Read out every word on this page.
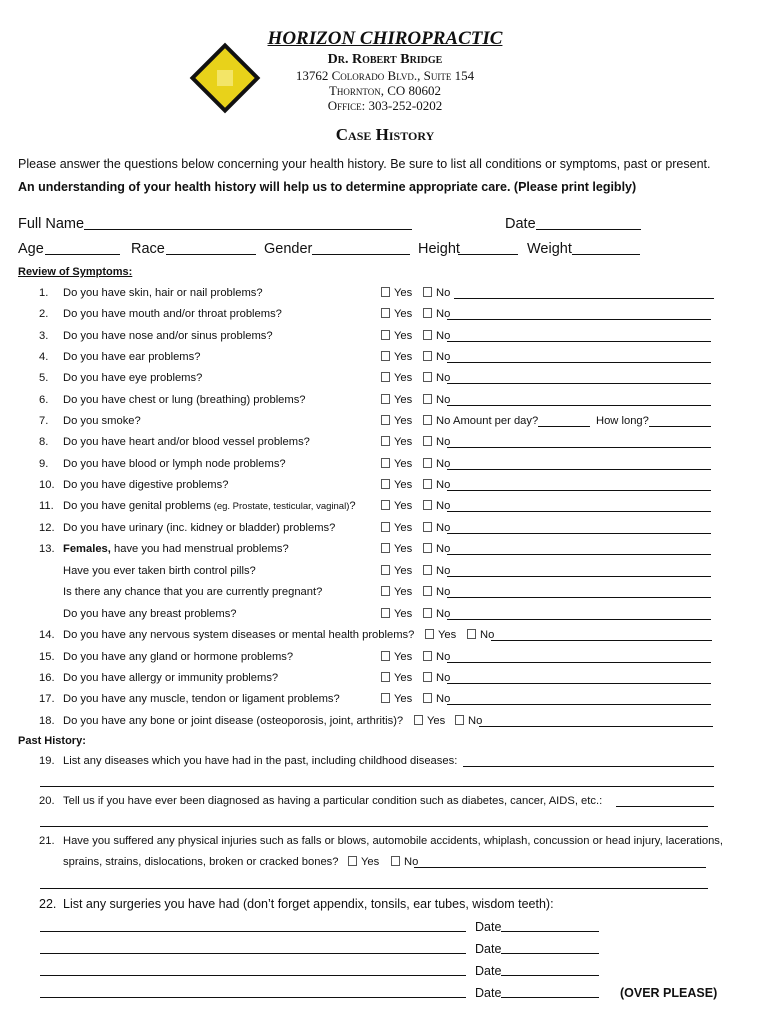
HORIZON CHIROPRACTIC
Dr. Robert Bridge
13762 Colorado Blvd., Suite 154
Thornton, CO 80602
Office: 303-252-0202
Case History
Please answer the questions below concerning your health history. Be sure to list all conditions or symptoms, past or present.
An understanding of your health history will help us to determine appropriate care. (Please print legibly)
Full Name	Date
Age	Race	Gender	Height	Weight
Review of Symptoms:
1.	Do you have skin, hair or nail problems?	Yes	No
2.	Do you have mouth and/or throat problems?	Yes	No
3.	Do you have nose and/or sinus problems?	Yes	No
4.	Do you have ear problems?	Yes	No
5.	Do you have eye problems?	Yes	No
6.	Do you have chest or lung (breathing) problems?	Yes	No
7.	Do you smoke?	Yes	No Amount per day?	How long?
8.	Do you have heart and/or blood vessel problems?	Yes	No
9.	Do you have blood or lymph node problems?	Yes	No
10. Do you have digestive problems?	Yes	No
11. Do you have genital problems (eg. Prostate, testicular, vaginal)?	Yes	No
12. Do you have urinary (inc. kidney or bladder) problems?	Yes	No
13. Females, have you had menstrual problems?	Yes	No
Have you ever taken birth control pills?	Yes	No
Is there any chance that you are currently pregnant?	Yes	No
Do you have any breast problems?	Yes	No
14. Do you have any nervous system diseases or mental health problems?	Yes	No
15. Do you have any gland or hormone problems?	Yes	No
16. Do you have allergy or immunity problems?	Yes	No
17. Do you have any muscle, tendon or ligament problems?	Yes	No
18. Do you have any bone or joint disease (osteoporosis, joint, arthritis)?	Yes	No
Past History:
19. List any diseases which you have had in the past, including childhood diseases:
20. Tell us if you have ever been diagnosed as having a particular condition such as diabetes, cancer, AIDS, etc.:
21. Have you suffered any physical injuries such as falls or blows, automobile accidents, whiplash, concussion or head injury, lacerations,
sprains, strains, dislocations, broken or cracked bones?	Yes	No
22. List any surgeries you have had (don’t forget appendix, tonsils, ear tubes, wisdom teeth):
Date
Date
Date
Date	(OVER PLEASE)
